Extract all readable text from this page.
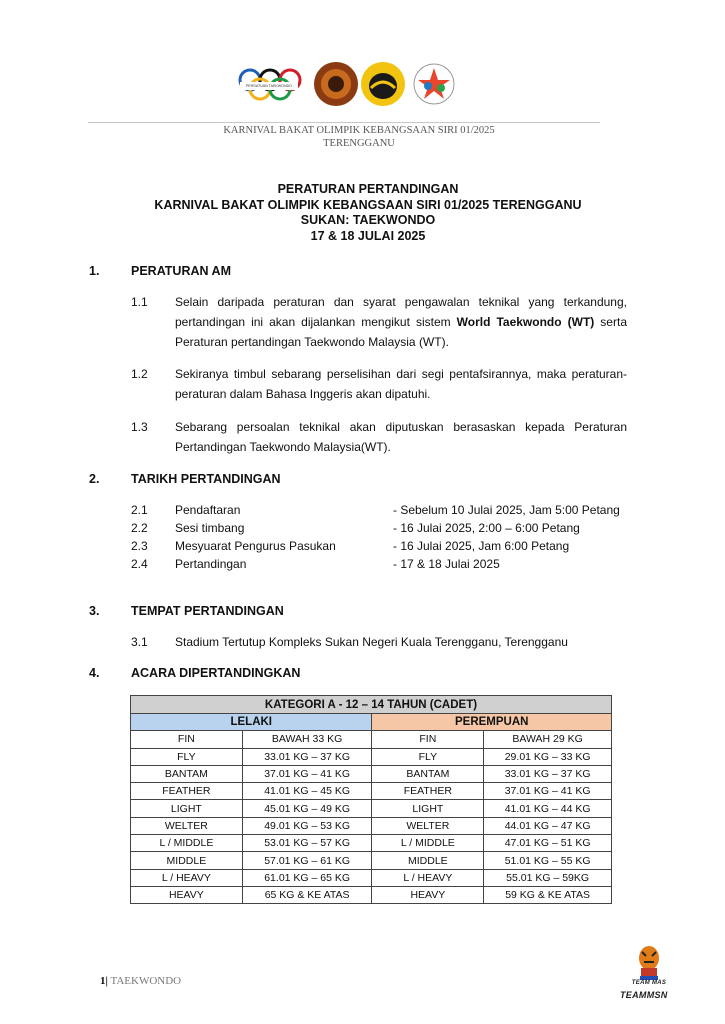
PERSATUAN TAEKWONDO
KARNIVAL BAKAT OLIMPIK KEBANGSAAN SIRI 01/2025
TERENGGANU
PERATURAN PERTANDINGAN
KARNIVAL BAKAT OLIMPIK KEBANGSAAN SIRI 01/2025 TERENGGANU
SUKAN: TAEKWONDO
17 & 18 JULAI 2025
1.	PERATURAN AM
1.1 Selain daripada peraturan dan syarat pengawalan teknikal yang terkandung, pertandingan ini akan dijalankan mengikut sistem World Taekwondo (WT) serta Peraturan pertandingan Taekwondo Malaysia (WT).
1.2 Sekiranya timbul sebarang perselisihan dari segi pentafsirannya, maka peraturan-peraturan dalam Bahasa Inggeris akan dipatuhi.
1.3 Sebarang persoalan teknikal akan diputuskan berasaskan kepada Peraturan Pertandingan Taekwondo Malaysia(WT).
2.	TARIKH PERTANDINGAN
2.1 Pendaftaran	- Sebelum 10 Julai 2025, Jam 5:00 Petang
2.2 Sesi timbang	- 16 Julai 2025, 2:00 – 6:00 Petang
2.3 Mesyuarat Pengurus Pasukan	- 16 Julai 2025, Jam 6:00 Petang
2.4 Pertandingan	- 17 & 18 Julai 2025
3.	TEMPAT PERTANDINGAN
3.1 Stadium Tertutup Kompleks Sukan Negeri Kuala Terengganu, Terengganu
4.	ACARA DIPERTANDINGKAN
KATEGORI A - 12 – 14 TAHUN (CADET)			
LELAKI		PEREMPUAN	
FIN	BAWAH 33 KG	FIN	BAWAH 29 KG
FLY	33.01 KG – 37 KG	FLY	29.01 KG – 33 KG
BANTAM	37.01 KG – 41 KG	BANTAM	33.01 KG – 37 KG
FEATHER	41.01 KG – 45 KG	FEATHER	37.01 KG – 41 KG
LIGHT	45.01 KG – 49 KG	LIGHT	41.01 KG – 44 KG
WELTER	49.01 KG – 53 KG	WELTER	44.01 KG – 47 KG
L / MIDDLE	53.01 KG – 57 KG	L / MIDDLE	47.01 KG – 51 KG
MIDDLE	57.01 KG – 61 KG	MIDDLE	51.01 KG – 55 KG
L / HEAVY	61.01 KG – 65 KG	L / HEAVY	55.01 KG – 59KG
HEAVY	65 KG & KE ATAS	HEAVY	59 KG & KE ATAS
1| TAEKWONDO	TEAM MAS
TEAMMSN
